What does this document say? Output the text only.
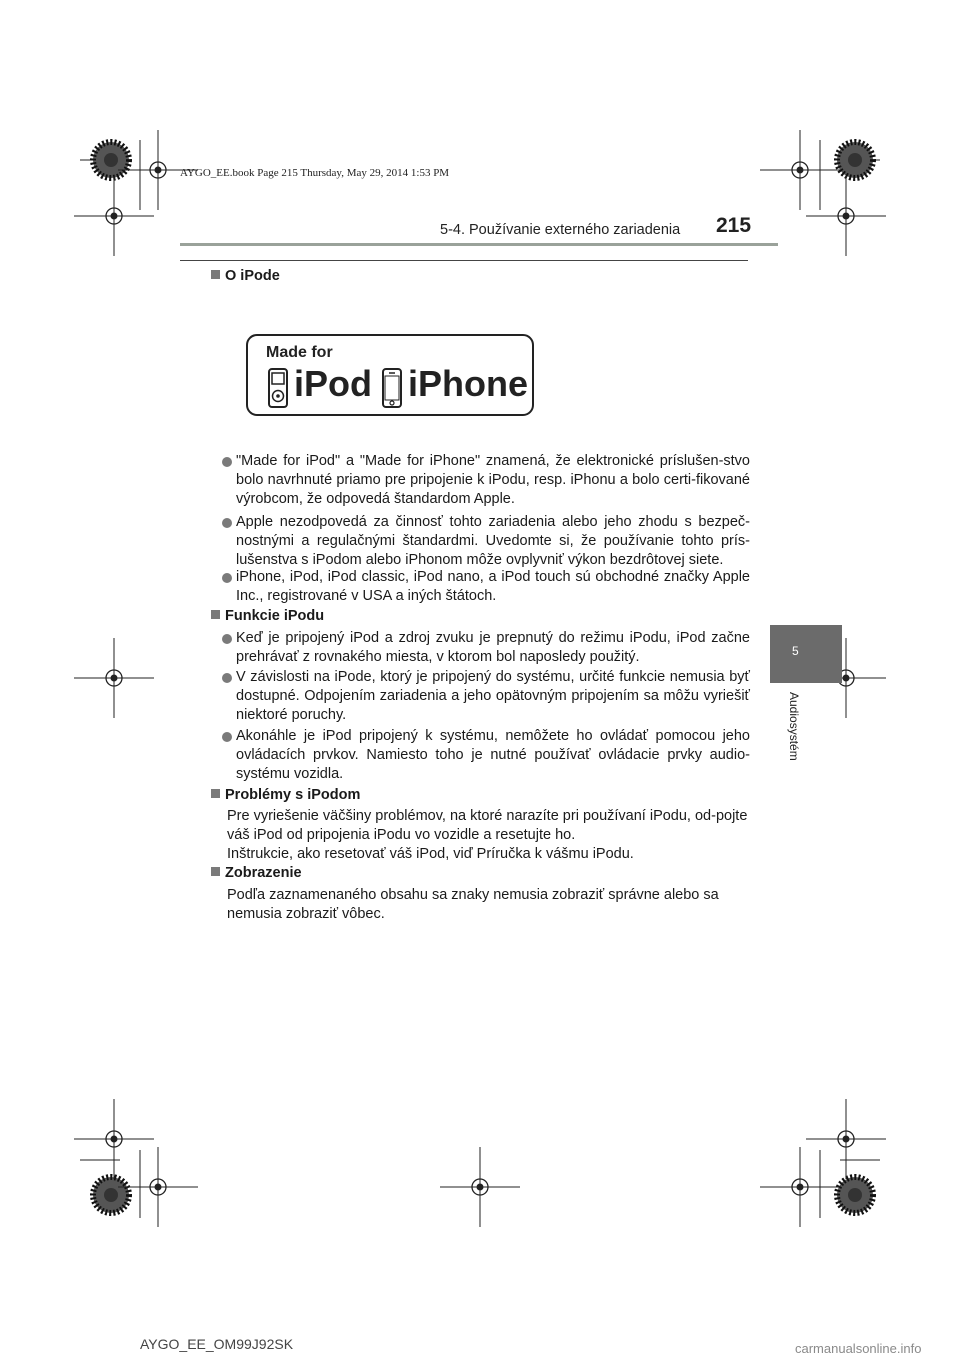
AYGO_EE.book Page 215 Thursday, May 29, 2014 1:53 PM
5-4. Používanie externého zariadenia 215
5
Audiosystém
O iPode
Made for
iPod iPhone
"Made for iPod" a "Made for iPhone" znamená, že elektronické príslušen-stvo bolo navrhnuté priamo pre pripojenie k iPodu, resp. iPhonu a bolo certi-fikované výrobcom, že odpovedá štandardom Apple.
Apple nezodpovedá za činnosť tohto zariadenia alebo jeho zhodu s bezpeč-nostnými a regulačnými štandardmi. Uvedomte si, že používanie tohto prís-lušenstva s iPodom alebo iPhonom môže ovplyvniť výkon bezdrôtovej siete.
iPhone, iPod, iPod classic, iPod nano, a iPod touch sú obchodné značky Apple Inc., registrované v USA a iných štátoch.
Funkcie iPodu
Keď je pripojený iPod a zdroj zvuku je prepnutý do režimu iPodu, iPod začne prehrávať z rovnakého miesta, v ktorom bol naposledy použitý.
V závislosti na iPode, ktorý je pripojený do systému, určité funkcie nemusia byť dostupné. Odpojením zariadenia a jeho opätovným pripojením sa môžu vyriešiť niektoré poruchy.
Akonáhle je iPod pripojený k systému, nemôžete ho ovládať pomocou jeho ovládacích prvkov. Namiesto toho je nutné používať ovládacie prvky audio-systému vozidla.
Problémy s iPodom

Pre vyriešenie väčšiny problémov, na ktoré narazíte pri používaní iPodu, od-pojte váš iPod od pripojenia iPodu vo vozidle a resetujte ho.

Inštrukcie, ako resetovať váš iPod, viď Príručka k vášmu iPodu.

Zobrazenie

Podľa zaznamenaného obsahu sa znaky nemusia zobraziť správne alebo sa nemusia zobraziť vôbec.

AYGO_EE_OM99J92SK	carmanualsonline.info
